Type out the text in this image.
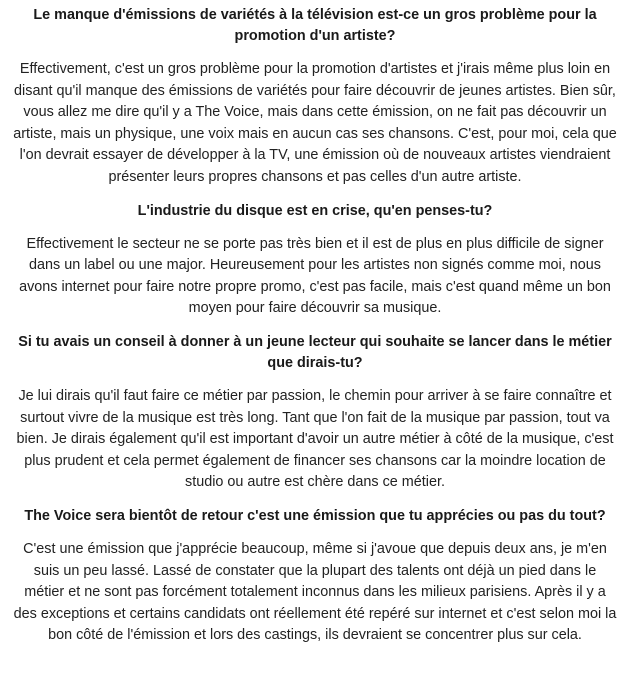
Le manque d'émissions de variétés à la télévision est-ce un gros problème pour la promotion d'un artiste?

Effectivement, c'est un gros problème pour la promotion d'artistes et j'irais même plus loin en disant qu'il manque des émissions de variétés pour faire découvrir de jeunes artistes. Bien sûr, vous allez me dire qu'il y a The Voice, mais dans cette émission, on ne fait pas découvrir un artiste, mais un physique, une voix mais en aucun cas ses chansons. C'est, pour moi, cela que l'on devrait essayer de développer à la TV, une émission où de nouveaux artistes viendraient présenter leurs propres chansons et pas celles d'un autre artiste.

L'industrie du disque est en crise, qu'en penses-tu?

Effectivement le secteur ne se porte pas très bien et il est de plus en plus difficile de signer dans un label ou une major. Heureusement pour les artistes non signés comme moi, nous avons internet pour faire notre propre promo, c'est pas facile, mais c'est quand même un bon moyen pour faire découvrir sa musique.

Si tu avais un conseil à donner à un jeune lecteur qui souhaite se lancer dans le métier que dirais-tu?

Je lui dirais qu'il faut faire ce métier par passion, le chemin pour arriver à se faire connaître et surtout vivre de la musique est très long. Tant que l'on fait de la musique par passion, tout va bien. Je dirais également qu'il est important d'avoir un autre métier à côté de la musique, c'est plus prudent et cela permet également de financer ses chansons car la moindre location de studio ou autre est chère dans ce métier.

The Voice sera bientôt de retour c'est une émission que tu apprécies ou pas du tout?

C'est une émission que j'apprécie beaucoup, même si j'avoue que depuis deux ans, je m'en suis un peu lassé. Lassé de constater que la plupart des talents ont déjà un pied dans le métier et ne sont pas forcément totalement inconnus dans les milieux parisiens. Après il y a des exceptions et certains candidats ont réellement été repéré sur internet et c'est selon moi la bon côté de l'émission et lors des castings, ils devraient se concentrer plus sur cela.
